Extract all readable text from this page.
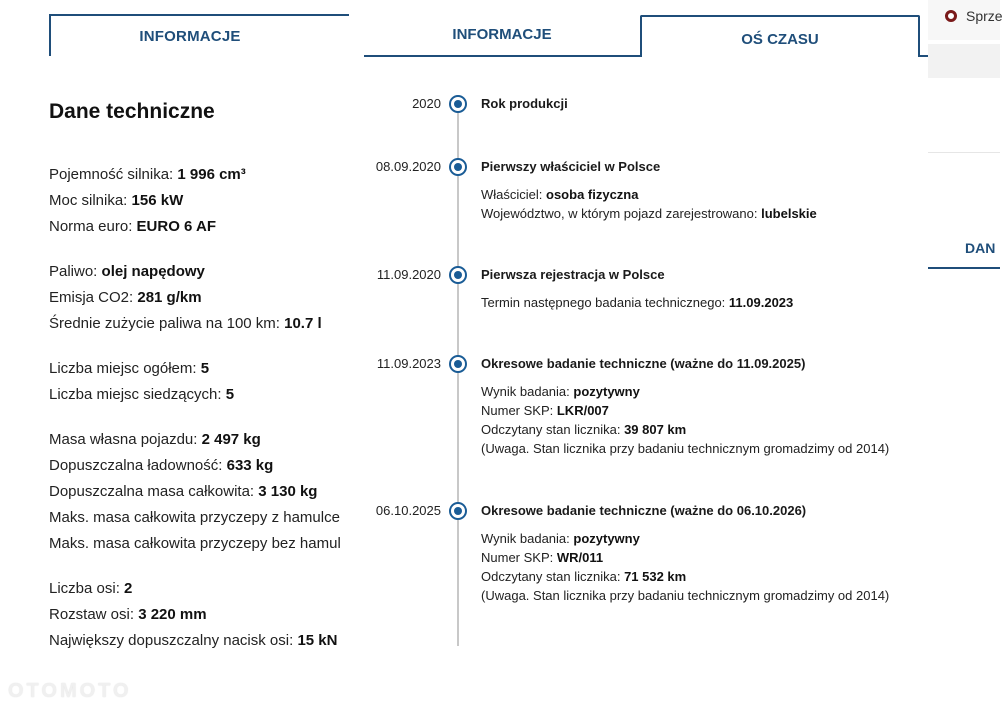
INFORMACJE
Dane techniczne
Pojemność silnika: 1 996 cm³
Moc silnika: 156 kW
Norma euro: EURO 6 AF
Paliwo: olej napędowy
Emisja CO2: 281 g/km
Średnie zużycie paliwa na 100 km: 10.7 l
Liczba miejsc ogółem: 5
Liczba miejsc siedzących: 5
Masa własna pojazdu: 2 497 kg
Dopuszczalna ładowność: 633 kg
Dopuszczalna masa całkowita: 3 130 kg
Maks. masa całkowita przyczepy z hamulce
Maks. masa całkowita przyczepy bez hamul
Liczba osi: 2
Rozstaw osi: 3 220 mm
Największy dopuszczalny nacisk osi: 15 kN
INFORMACJE	OŚ CZASU
2020	Rok produkcji
08.09.2020	Pierwszy właściciel w Polsce
Właściciel: osoba fizyczna
Województwo, w którym pojazd zarejestrowano: lubelskie
11.09.2020	Pierwsza rejestracja w Polsce
Termin następnego badania technicznego: 11.09.2023
11.09.2023	Okresowe badanie techniczne (ważne do 11.09.2025)
Wynik badania: pozytywny
Numer SKP: LKR/007
Odczytany stan licznika: 39 807 km
(Uwaga. Stan licznika przy badaniu technicznym gromadzimy od 2014)
06.10.2025	Okresowe badanie techniczne (ważne do 06.10.2026)
Wynik badania: pozytywny
Numer SKP: WR/011
Odczytany stan licznika: 71 532 km
(Uwaga. Stan licznika przy badaniu technicznym gromadzimy od 2014)
Sprze
DAN
OTOMOTO
